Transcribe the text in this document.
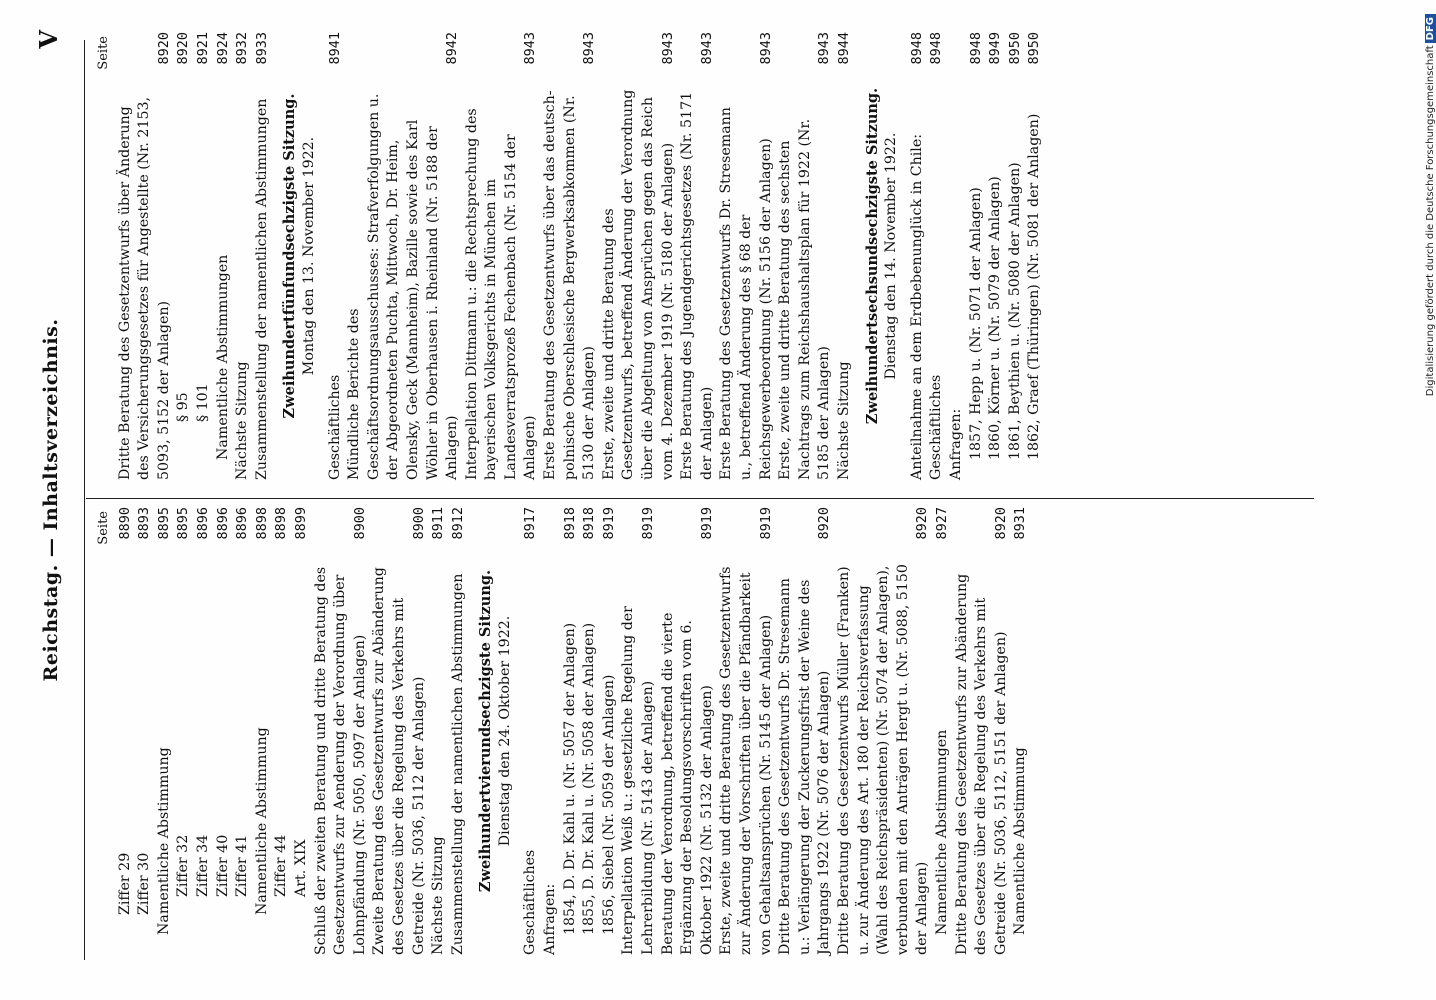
Reichstag. — Inhaltsverzeichnis.
V
Seite
Ziffer 29
8890
Ziffer 30
8893
Namentliche Abstimmung
8895
Ziffer 32
8895
Ziffer 34
8896
Ziffer 40
8896
Ziffer 41
8896
Namentliche Abstimmung
8898
Ziffer 44
8898
Art. XIX
8899
Schluß der zweiten Beratung und dritte Beratung des Gesetzentwurfs zur Aenderung der Verordnung über Lohnpfändung (Nr. 5050, 5097 der Anlagen)
8900
Zweite Beratung des Gesetzentwurfs zur Abänderung des Gesetzes über die Regelung des Verkehrs mit Getreide (Nr. 5036, 5112 der Anlagen)
8900
Nächste Sitzung
8911
Zusammenstellung der namentlichen Abstimmungen
8912
Zweihundertvierundsechzigste Sitzung. Dienstag den 24. Oktober 1922.
Geschäftliches
8917
Anfragen: 1854, D. Dr. Kahl u. (Nr. 5057 der Anlagen)
8918
1855, D. Dr. Kahl u. (Nr. 5058 der Anlagen)
8918
1856, Siebel (Nr. 5059 der Anlagen)
8919
Interpellation Weiß u.: gesetzliche Regelung der Lehrerbildung (Nr. 5143 der Anlagen)
8919
Beratung der Verordnung, betreffend die vierte Ergänzung der Besoldungsvorschriften vom 6. Oktober 1922 (Nr. 5132 der Anlagen)
8919
Erste, zweite und dritte Beratung des Gesetzentwurfs zur Änderung der Vorschriften über die Pfändbarkeit von Gehaltsansprüchen (Nr. 5145 der Anlagen)
8919
Dritte Beratung des Gesetzentwurfs Dr. Stresemann u.: Verlängerung der Zuckerungsfrist der Weine des Jahrgangs 1922 (Nr. 5076 der Anlagen)
8920
Dritte Beratung des Gesetzentwurfs Müller (Franken) u. zur Änderung des Art. 180 der Reichsverfassung (Wahl des Reichspräsidenten) (Nr. 5074 der Anlagen), verbunden mit den Anträgen Hergt u. (Nr. 5088, 5150 der Anlagen)
8920
Namentliche Abstimmungen
8927
Dritte Beratung des Gesetzentwurfs zur Abänderung des Gesetzes über die Regelung des Verkehrs mit Getreide (Nr. 5036, 5112, 5151 der Anlagen)
8920
Namentliche Abstimmung
8931
Seite
Dritte Beratung des Gesetzentwurfs über Änderung des Versicherungsgesetzes für Angestellte (Nr. 2153, 5093, 5152 der Anlagen)
8920
§ 95
8920
§ 101
8921
Namentliche Abstimmungen
8924
Nächste Sitzung
8932
Zusammenstellung der namentlichen Abstimmungen
8933
Zweihundertfünfundsechzigste Sitzung. Montag den 13. November 1922.
Geschäftliches
8941
Mündliche Berichte des Geschäftsordnungsausschusses: Strafverfolgungen u. der Abgeordneten Puchta, Mittwoch, Dr. Heim, Olensky, Geck (Mannheim), Bazille sowie des Karl Wöhler in Oberhausen i. Rheinland (Nr. 5188 der Anlagen)
8942
Interpellation Dittmann u.: die Rechtsprechung des bayerischen Volksgerichts in München im Landesverratsprozeß Fechenbach (Nr. 5154 der Anlagen)
8943
Erste Beratung des Gesetzentwurfs über das deutsch-polnische Oberschlesische Bergwerksabkommen (Nr. 5130 der Anlagen)
8943
Erste, zweite und dritte Beratung des Gesetzentwurfs, betreffend Änderung der Verordnung über die Abgeltung von Ansprüchen gegen das Reich vom 4. Dezember 1919 (Nr. 5180 der Anlagen)
8943
Erste Beratung des Jugendgerichtsgesetzes (Nr. 5171 der Anlagen)
8943
Erste Beratung des Gesetzentwurfs Dr. Stresemann u., betreffend Änderung des § 68 der Reichsgewerbeordnung (Nr. 5156 der Anlagen)
8943
Erste, zweite und dritte Beratung des sechsten Nachtrags zum Reichshaushaltsplan für 1922 (Nr. 5185 der Anlagen)
8943
Nächste Sitzung
8944
Zweihundertsechsundsechzigste Sitzung. Dienstag den 14. November 1922. Anteilnahme an dem Erdbebenunglück in Chile:
8948
Geschäftliches
8948
Anfragen: 1857, Hepp u. (Nr. 5071 der Anlagen)
8948
1860, Körner u. (Nr. 5079 der Anlagen)
8949
1861, Beythien u. (Nr. 5080 der Anlagen)
8950
1862, Graef (Thüringen) (Nr. 5081 der Anlagen)
8950	Digitalisierung gefördert durch die Deutsche ForschungsgemeinschaftDFG
